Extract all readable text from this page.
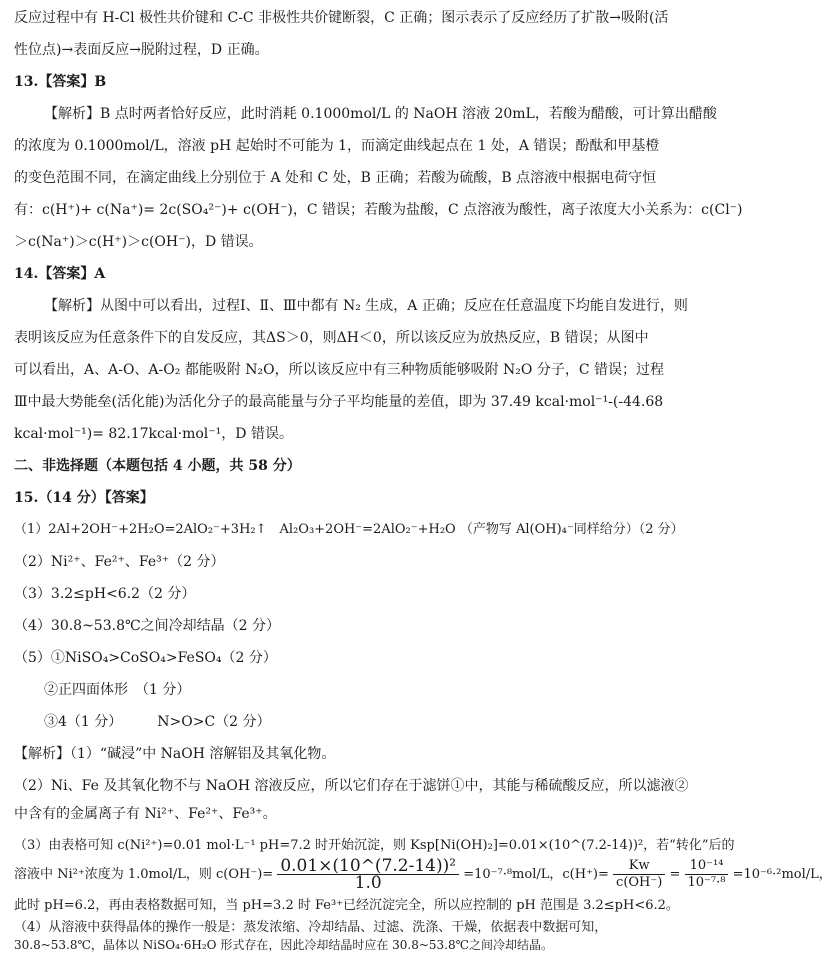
反应过程中有 H-Cl 极性共价键和 C-C 非极性共价键断裂，C 正确；图示表示了反应经历了扩散→吸附(活
性位点)→表面反应→脱附过程，D 正确。
13.【答案】B
【解析】B 点时两者恰好反应，此时消耗 0.1000mol/L 的 NaOH 溶液 20mL，若酸为醋酸，可计算出醋酸
的浓度为 0.1000mol/L，溶液 pH 起始时不可能为 1，而滴定曲线起点在 1 处，A 错误；酚酞和甲基橙
的变色范围不同，在滴定曲线上分别位于 A 处和 C 处，B 正确；若酸为硫酸，B 点溶液中根据电荷守恒
有：c(H⁺)+ c(Na⁺)= 2c(SO₄²⁻)+ c(OH⁻)，C 错误；若酸为盐酸，C 点溶液为酸性，离子浓度大小关系为：c(Cl⁻)
＞c(Na⁺)＞c(H⁺)＞c(OH⁻)，D 错误。
14.【答案】A
【解析】从图中可以看出，过程Ⅰ、Ⅱ、Ⅲ中都有 N₂ 生成，A 正确；反应在任意温度下均能自发进行，则
表明该反应为任意条件下的自发反应，其ΔS＞0，则ΔH＜0，所以该反应为放热反应，B 错误；从图中
可以看出，A、A-O、A-O₂ 都能吸附 N₂O，所以该反应中有三种物质能够吸附 N₂O 分子，C 错误；过程
Ⅲ中最大势能垒(活化能)为活化分子的最高能量与分子平均能量的差值，即为 37.49 kcal·mol⁻¹-(-44.68
kcal·mol⁻¹)= 82.17kcal·mol⁻¹，D 错误。
二、非选择题（本题包括 4 小题，共 58 分）
15.（14 分）【答案】
（1）2Al+2OH⁻+2H₂O=2AlO₂⁻+3H₂↑　Al₂O₃+2OH⁻=2AlO₂⁻+H₂O （产物写 Al(OH)₄⁻同样给分）（2 分）
（2）Ni²⁺、Fe²⁺、Fe³⁺（2 分）
（3）3.2≤pH<6.2（2 分）
（4）30.8~53.8℃之间冷却结晶（2 分）
（5）①NiSO₄>CoSO₄>FeSO₄（2 分）
②正四面体形　（1 分）
③4（1 分）　　　N>O>C（2 分）
【解析】（1）“碱浸”中 NaOH 溶解铝及其氧化物。
（2）Ni、Fe 及其氧化物不与 NaOH 溶液反应，所以它们存在于滤饼①中，其能与稀硫酸反应，所以滤液②
中含有的金属离子有 Ni²⁺、Fe²⁺、Fe³⁺。
（3）由表格可知 c(Ni²⁺)=0.01 mol·L⁻¹ pH=7.2 时开始沉淀，则 Ksp[Ni(OH)₂]=0.01×(10^(7.2-14))²，若“转化”后的
溶液中 Ni²⁺浓度为 1.0mol/L，则 $c(OH^-)= \frac{\text{0.01×(10\textasciicircum{}(7.2-14))²}}{1.0} =10^{-7}\cdot^8mol/L$，$c(H^+)= \frac{Kw}{c(OH^-)} = \frac{\text{10⁻¹⁴}}{\text{10⁻⁷·⁸}} =10^{-6}\cdot^2mol/L$，
此时 pH=6.2，再由表格数据可知，当 pH=3.2 时 Fe³⁺已经沉淀完全，所以应控制的 pH 范围是 3.2≤pH<6.2。
（4）从溶液中获得晶体的操作一般是：蒸发浓缩、冷却结晶、过滤、洗涤、干燥，依据表中数据可知，
30.8~53.8℃，晶体以 NiSO₄·6H₂O 形式存在，因此冷却结晶时应在 30.8~53.8℃之间冷却结晶。
